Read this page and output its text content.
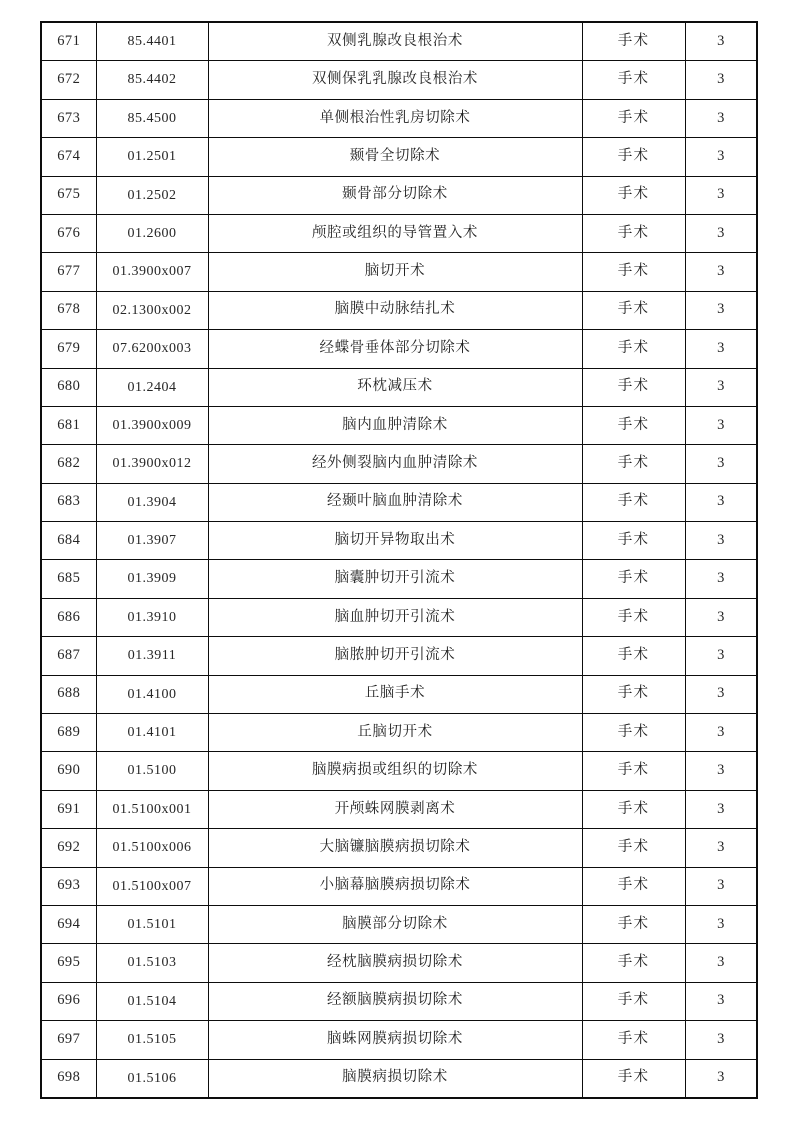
671	85.4401	双侧乳腺改良根治术	手术	3
672	85.4402	双侧保乳乳腺改良根治术	手术	3
673	85.4500	单侧根治性乳房切除术	手术	3
674	01.2501	颞骨全切除术	手术	3
675	01.2502	颞骨部分切除术	手术	3
676	01.2600	颅腔或组织的导管置入术	手术	3
677	01.3900x007	脑切开术	手术	3
678	02.1300x002	脑膜中动脉结扎术	手术	3
679	07.6200x003	经蝶骨垂体部分切除术	手术	3
680	01.2404	环枕减压术	手术	3
681	01.3900x009	脑内血肿清除术	手术	3
682	01.3900x012	经外侧裂脑内血肿清除术	手术	3
683	01.3904	经颞叶脑血肿清除术	手术	3
684	01.3907	脑切开异物取出术	手术	3
685	01.3909	脑囊肿切开引流术	手术	3
686	01.3910	脑血肿切开引流术	手术	3
687	01.3911	脑脓肿切开引流术	手术	3
688	01.4100	丘脑手术	手术	3
689	01.4101	丘脑切开术	手术	3
690	01.5100	脑膜病损或组织的切除术	手术	3
691	01.5100x001	开颅蛛网膜剥离术	手术	3
692	01.5100x006	大脑镰脑膜病损切除术	手术	3
693	01.5100x007	小脑幕脑膜病损切除术	手术	3
694	01.5101	脑膜部分切除术	手术	3
695	01.5103	经枕脑膜病损切除术	手术	3
696	01.5104	经额脑膜病损切除术	手术	3
697	01.5105	脑蛛网膜病损切除术	手术	3
698	01.5106	脑膜病损切除术	手术	3
